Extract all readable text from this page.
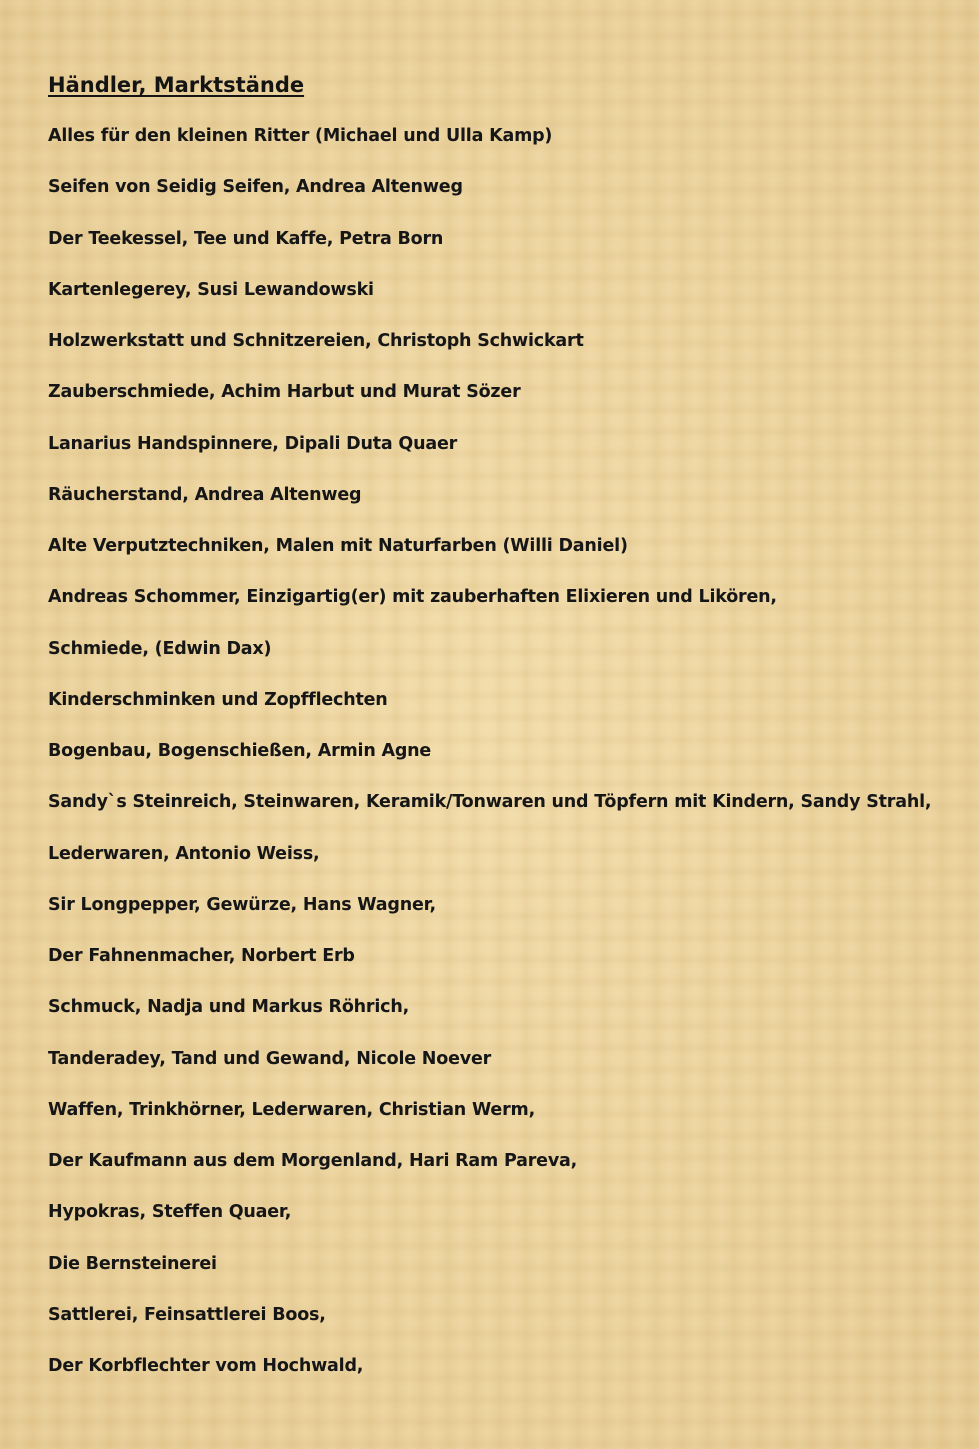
Händler, Marktstände
Alles für den kleinen Ritter (Michael und Ulla Kamp)
Seifen von Seidig Seifen, Andrea Altenweg
Der Teekessel, Tee und Kaffe, Petra Born
Kartenlegerey, Susi Lewandowski
Holzwerkstatt und Schnitzereien, Christoph Schwickart
Zauberschmiede, Achim Harbut und Murat Sözer
Lanarius Handspinnere, Dipali Duta Quaer
Räucherstand, Andrea Altenweg
Alte Verputztechniken, Malen mit Naturfarben (Willi Daniel)
Andreas Schommer, Einzigartig(er) mit zauberhaften Elixieren und Likören,
Schmiede, (Edwin Dax)
Kinderschminken und Zopfflechten
Bogenbau, Bogenschießen, Armin Agne
Sandy`s Steinreich, Steinwaren, Keramik/Tonwaren und Töpfern mit Kindern, Sandy Strahl,
Lederwaren, Antonio Weiss,
Sir Longpepper, Gewürze, Hans Wagner,
Der Fahnenmacher, Norbert Erb
Schmuck, Nadja und Markus Röhrich,
Tanderadey, Tand und Gewand, Nicole Noever
Waffen, Trinkhörner, Lederwaren, Christian Werm,
Der Kaufmann aus dem Morgenland, Hari Ram Pareva,
Hypokras, Steffen Quaer,
Die Bernsteinerei
Sattlerei, Feinsattlerei Boos,
Der Korbflechter vom Hochwald,
